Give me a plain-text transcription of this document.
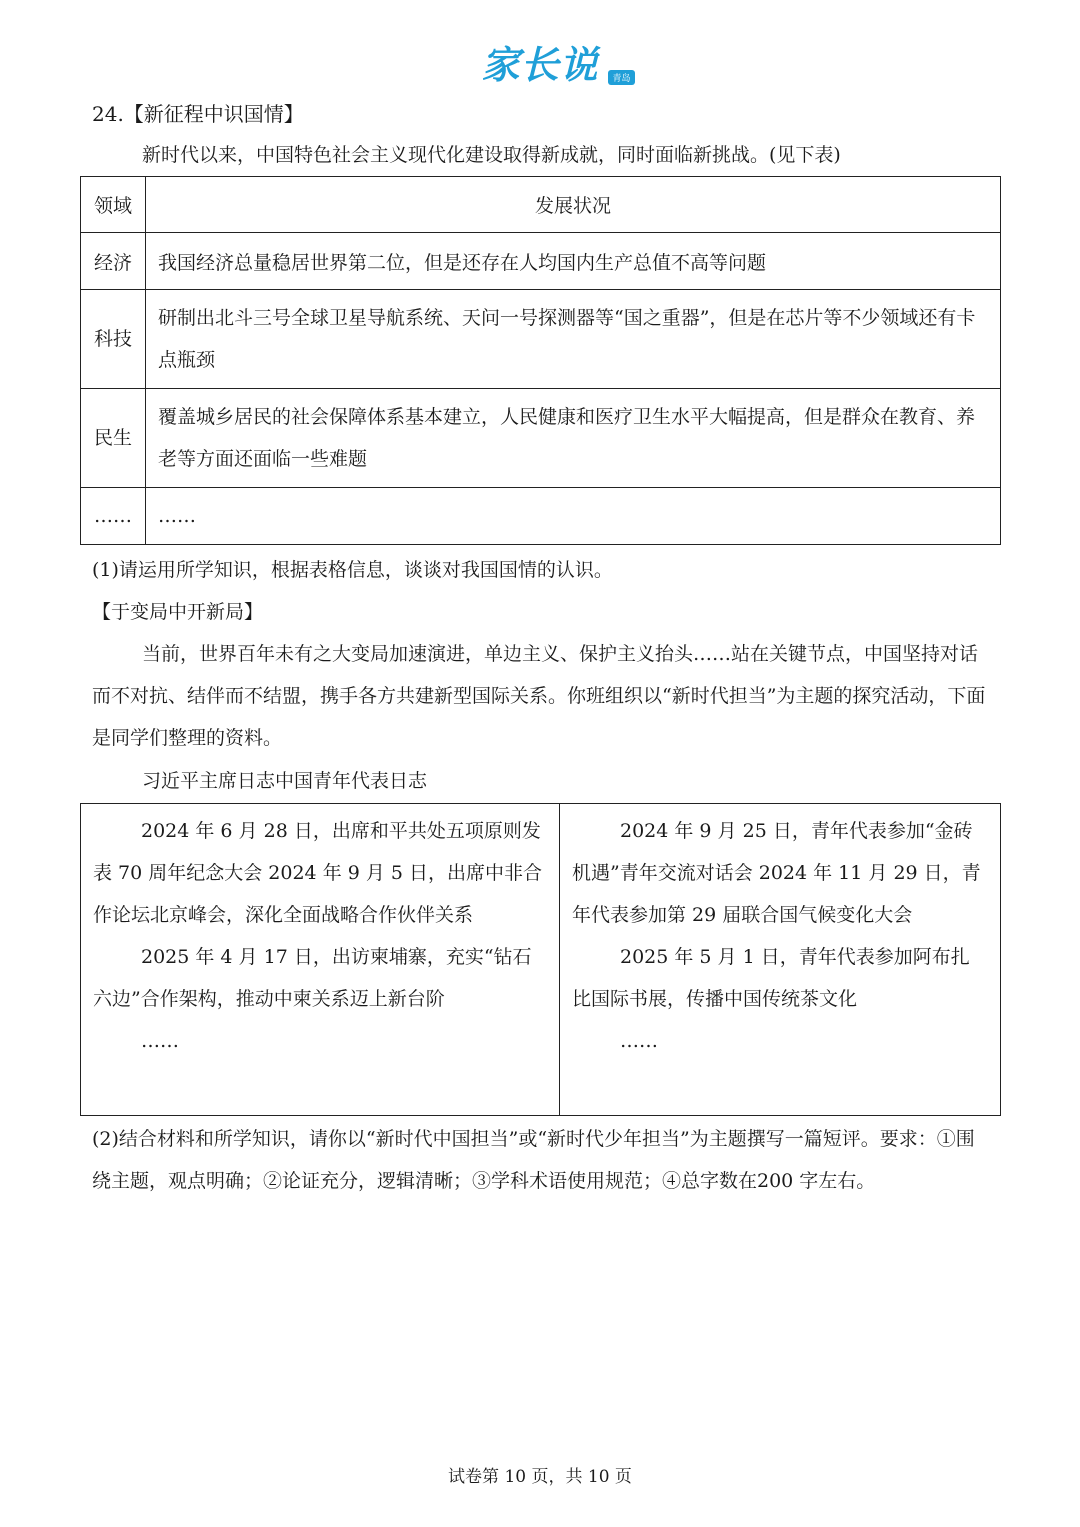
家长说	青岛
24.【新征程中识国情】
新时代以来，中国特色社会主义现代化建设取得新成就，同时面临新挑战。(见下表)
领域	发展状况
经济	我国经济总量稳居世界第二位，但是还存在人均国内生产总值不高等问题
科技	研制出北斗三号全球卫星导航系统、天问一号探测器等“国之重器”，但是在芯片等不少领域还有卡点瓶颈
民生	覆盖城乡居民的社会保障体系基本建立，人民健康和医疗卫生水平大幅提高，但是群众在教育、养老等方面还面临一些难题
……	……
(1)请运用所学知识，根据表格信息，谈谈对我国国情的认识。
【于变局中开新局】
当前，世界百年未有之大变局加速演进，单边主义、保护主义抬头……站在关键节点，中国坚持对话而不对抗、结伴而不结盟，携手各方共建新型国际关系。你班组织以“新时代担当”为主题的探究活动，下面是同学们整理的资料。
习近平主席日志中国青年代表日志
2024 年 6 月 28 日，出席和平共处五项原则发表 70 周年纪念大会 2024 年 9 月 5 日，出席中非合作论坛北京峰会，深化全面战略合作伙伴关系
2025 年 4 月 17 日，出访柬埔寨，充实“钻石六边”合作架构，推动中柬关系迈上新台阶
……

2024 年 9 月 25 日，青年代表参加“金砖机遇”青年交流对话会 2024 年 11 月 29 日，青年代表参加第 29 届联合国气候变化大会
2025 年 5 月 1 日，青年代表参加阿布扎比国际书展，传播中国传统茶文化
……
(2)结合材料和所学知识，请你以“新时代中国担当”或“新时代少年担当”为主题撰写一篇短评。要求：①围绕主题，观点明确；②论证充分，逻辑清晰；③学科术语使用规范；④总字数在200 字左右。
试卷第 10 页，共 10 页
